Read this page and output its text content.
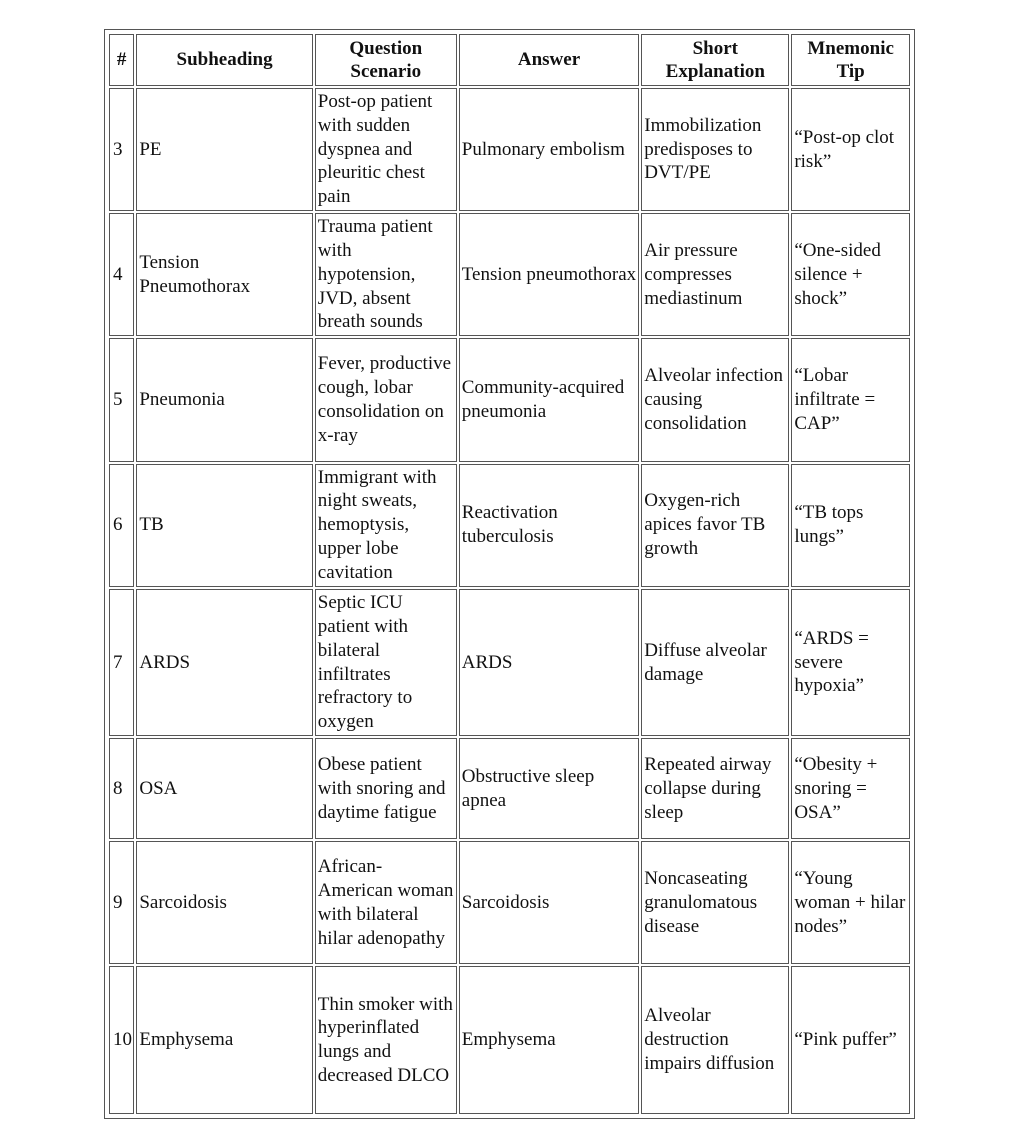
#	Subheading	Question Scenario	Answer	Short Explanation	Mnemonic Tip
3	PE	Post-op patient with sudden dyspnea and pleuritic chest pain	Pulmonary embolism	Immobilization predisposes to DVT/PE	“Post-op clot risk”
4	Tension Pneumothorax	Trauma patient with hypotension, JVD, absent breath sounds	Tension pneumothorax	Air pressure compresses mediastinum	“One-sided silence + shock”
5	Pneumonia	Fever, productive cough, lobar consolidation on x-ray	Community-acquired pneumonia	Alveolar infection causing consolidation	“Lobar infiltrate = CAP”
6	TB	Immigrant with night sweats, hemoptysis, upper lobe cavitation	Reactivation tuberculosis	Oxygen-rich apices favor TB growth	“TB tops lungs”
7	ARDS	Septic ICU patient with bilateral infiltrates refractory to oxygen	ARDS	Diffuse alveolar damage	“ARDS = severe hypoxia”
8	OSA	Obese patient with snoring and daytime fatigue	Obstructive sleep apnea	Repeated airway collapse during sleep	“Obesity + snoring = OSA”
9	Sarcoidosis	African-American woman with bilateral hilar adenopathy	Sarcoidosis	Noncaseating granulomatous disease	“Young woman + hilar nodes”
10	Emphysema	Thin smoker with hyperinflated lungs and decreased DLCO	Emphysema	Alveolar destruction impairs diffusion	“Pink puffer”
